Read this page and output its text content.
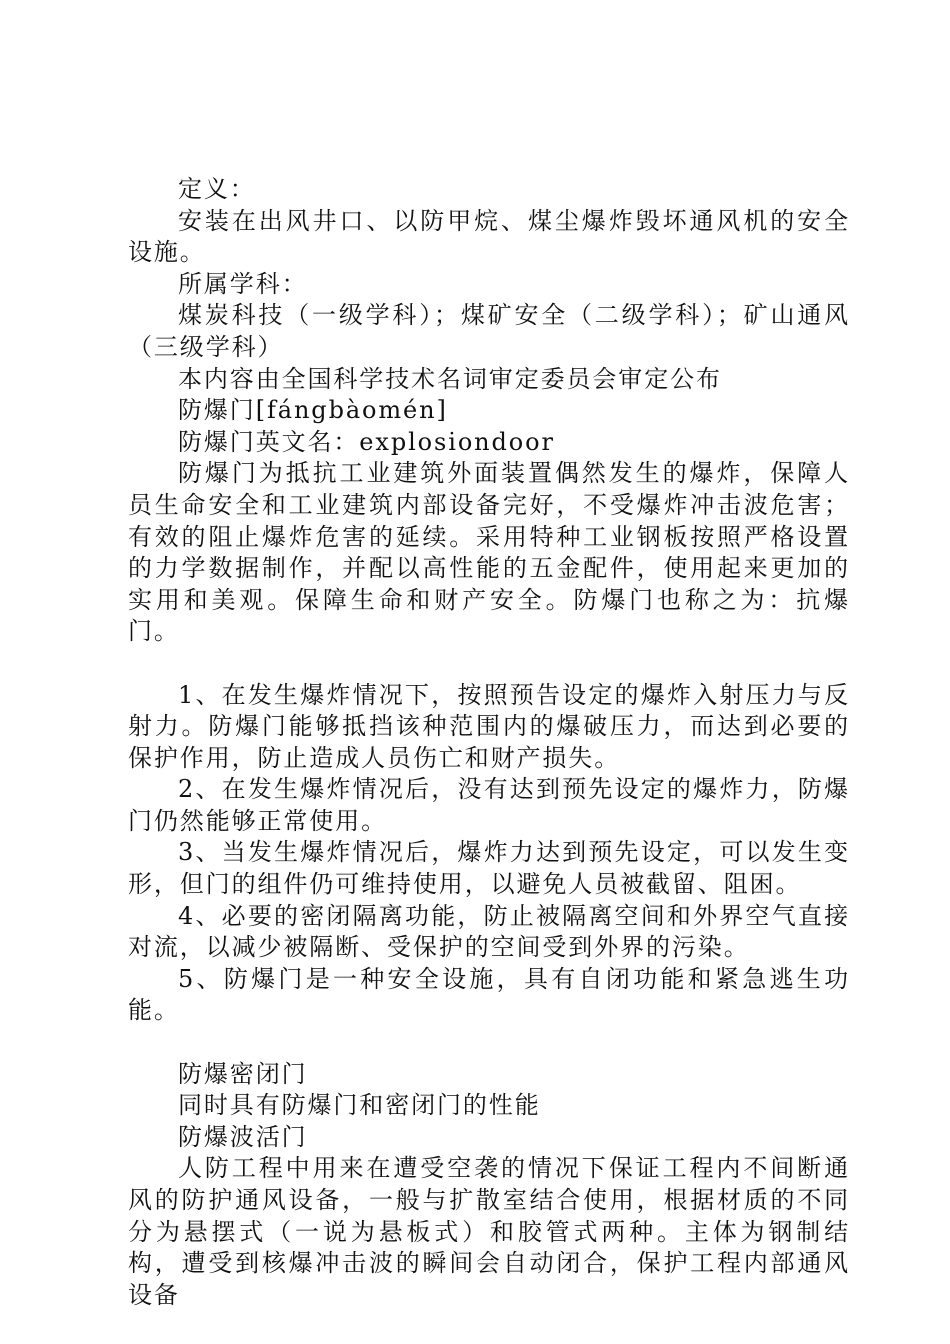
定义：

安装在出风井口、以防甲烷、煤尘爆炸毁坏通风机的安全设施。

所属学科：

煤炭科技（一级学科）；煤矿安全（二级学科）；矿山通风（三级学科）

本内容由全国科学技术名词审定委员会审定公布

防爆门[fángbàomén]

防爆门英文名：explosiondoor

防爆门为抵抗工业建筑外面装置偶然发生的爆炸，保障人员生命安全和工业建筑内部设备完好，不受爆炸冲击波危害；有效的阻止爆炸危害的延续。采用特种工业钢板按照严格设置的力学数据制作，并配以高性能的五金配件，使用起来更加的实用和美观。保障生命和财产安全。防爆门也称之为：抗爆门。

1、在发生爆炸情况下，按照预告设定的爆炸入射压力与反射力。防爆门能够抵挡该种范围内的爆破压力，而达到必要的保护作用，防止造成人员伤亡和财产损失。

2、在发生爆炸情况后，没有达到预先设定的爆炸力，防爆门仍然能够正常使用。

3、当发生爆炸情况后，爆炸力达到预先设定，可以发生变形，但门的组件仍可维持使用，以避免人员被截留、阻困。

4、必要的密闭隔离功能，防止被隔离空间和外界空气直接对流，以减少被隔断、受保护的空间受到外界的污染。

5、防爆门是一种安全设施，具有自闭功能和紧急逃生功能。

防爆密闭门

同时具有防爆门和密闭门的性能

防爆波活门

人防工程中用来在遭受空袭的情况下保证工程内不间断通风的防护通风设备，一般与扩散室结合使用，根据材质的不同分为悬摆式（一说为悬板式）和胶管式两种。主体为钢制结构，遭受到核爆冲击波的瞬间会自动闭合，保护工程内部通风设备
